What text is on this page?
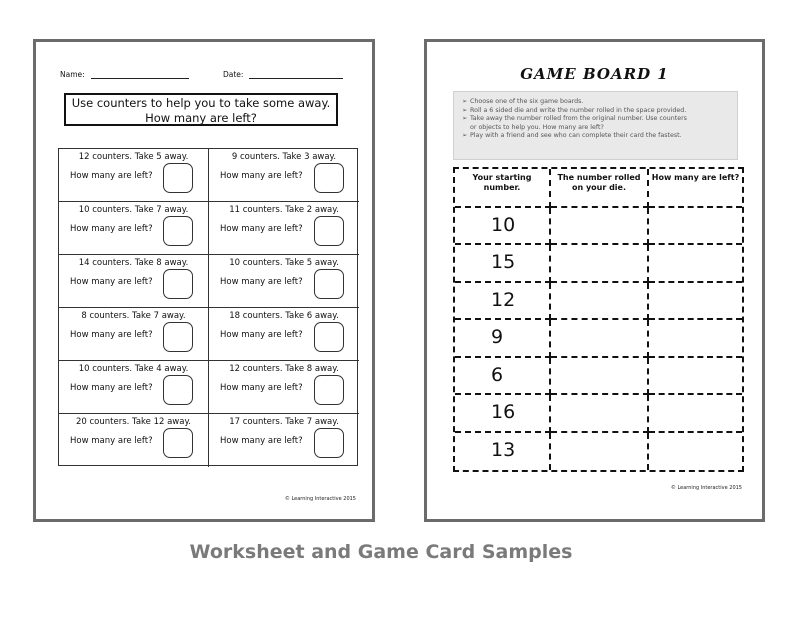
Name:	Date:
Use counters to help you to take some away.
How many are left?
12 counters. Take 5 away.
How many are left?
9 counters. Take 3 away.
How many are left?
10 counters. Take 7 away.
How many are left?
11 counters. Take 2 away.
How many are left?
14 counters. Take 8 away.
How many are left?
10 counters. Take 5 away.
How many are left?
8 counters. Take 7 away.
How many are left?
18 counters. Take 6 away.
How many are left?
10 counters. Take 4 away.
How many are left?
12 counters. Take 8 away.
How many are left?
20 counters. Take 12 away.
How many are left?
17 counters. Take 7 away.
How many are left?
© Learning Interactive 2015
GAME BOARD 1

➢ Choose one of the six game boards.

➢ Roll a 6 sided die and write the number rolled in the space provided.

➢ Take away the number rolled from the original number. Use counters

or objects to help you. How many are left?

➢ Play with a friend and see who can complete their card the fastest.

Your starting number.
The number rolled on your die.
How many are left?
10
15
12
9
6
16
13
© Learning Interactive 2015
Worksheet and Game Card Samples
